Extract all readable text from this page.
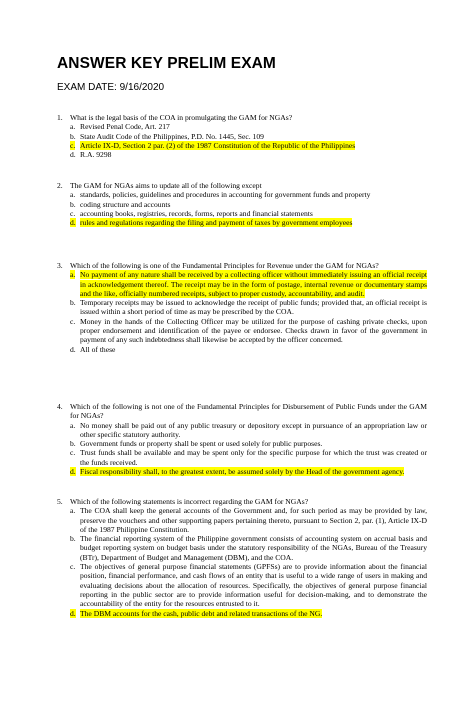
ANSWER KEY PRELIM EXAM
EXAM DATE: 9/16/2020
1. What is the legal basis of the COA in promulgating the GAM for NGAs?
a. Revised Penal Code, Art. 217
b. State Audit Code of the Philippines, P.D. No. 1445, Sec. 109
c. Article IX-D, Section 2 par. (2) of the 1987 Constitution of the Republic of the Philippines
d. R.A. 9298
2. The GAM for NGAs aims to update all of the following except
a. standards, policies, guidelines and procedures in accounting for government funds and property
b. coding structure and accounts
c. accounting books, registries, records, forms, reports and financial statements
d. rules and regulations regarding the filing and payment of taxes by government employees
3. Which of the following is one of the Fundamental Principles for Revenue under the GAM for NGAs?
a. No payment of any nature shall be received by a collecting officer without immediately issuing an official receipt in acknowledgement thereof. The receipt may be in the form of postage, internal revenue or documentary stamps and the like, officially numbered receipts, subject to proper custody, accountability, and audit.
b. Temporary receipts may be issued to acknowledge the receipt of public funds; provided that, an official receipt is issued within a short period of time as may be prescribed by the COA.
c. Money in the hands of the Collecting Officer may be utilized for the purpose of cashing private checks, upon proper endorsement and identification of the payee or endorsee. Checks drawn in favor of the government in payment of any such indebtedness shall likewise be accepted by the officer concerned.
d. All of these
4. Which of the following is not one of the Fundamental Principles for Disbursement of Public Funds under the GAM for NGAs?
a. No money shall be paid out of any public treasury or depository except in pursuance of an appropriation law or other specific statutory authority.
b. Government funds or property shall be spent or used solely for public purposes.
c. Trust funds shall be available and may be spent only for the specific purpose for which the trust was created or the funds received.
d. Fiscal responsibility shall, to the greatest extent, be assumed solely by the Head of the government agency.
5. Which of the following statements is incorrect regarding the GAM for NGAs?
a. The COA shall keep the general accounts of the Government and, for such period as may be provided by law, preserve the vouchers and other supporting papers pertaining thereto, pursuant to Section 2, par. (1), Article IX-D of the 1987 Philippine Constitution.
b. The financial reporting system of the Philippine government consists of accounting system on accrual basis and budget reporting system on budget basis under the statutory responsibility of the NGAs, Bureau of the Treasury (BTr), Department of Budget and Management (DBM), and the COA.
c. The objectives of general purpose financial statements (GPFSs) are to provide information about the financial position, financial performance, and cash flows of an entity that is useful to a wide range of users in making and evaluating decisions about the allocation of resources. Specifically, the objectives of general purpose financial reporting in the public sector are to provide information useful for decision-making, and to demonstrate the accountability of the entity for the resources entrusted to it.
d. The DBM accounts for the cash, public debt and related transactions of the NG.
